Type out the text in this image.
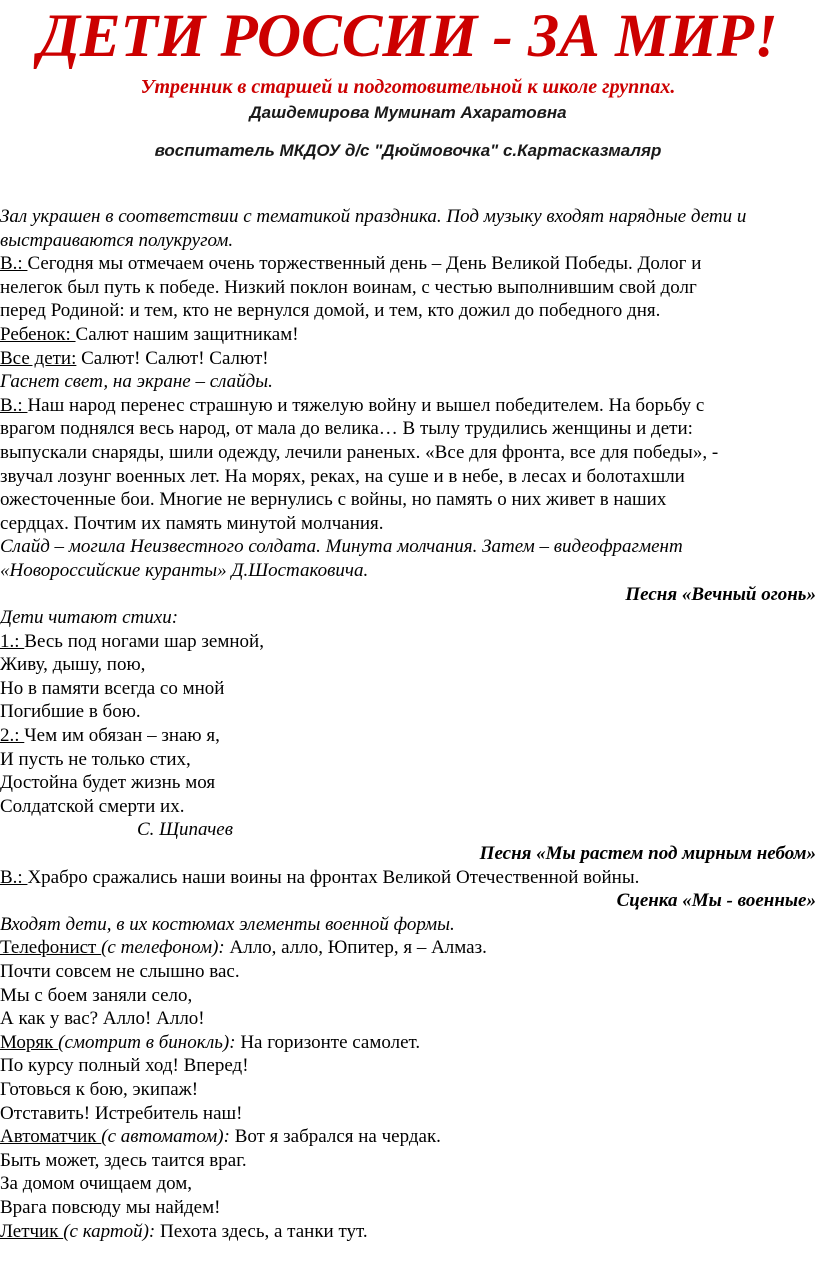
ДЕТИ РОССИИ - ЗА МИР!
Утренник в старшей и подготовительной к школе группах.
Дашдемирова Муминат Ахаратовна
воспитатель МКДОУ д/с "Дюймовочка" с.Картасказмаляр

Зал украшен в соответствии с тематикой праздника. Под музыку входят нарядные дети и выстраиваются полукругом.

В.: Сегодня мы отмечаем очень торжественный день – День Великой Победы. Долог и

нелегок был путь к победе. Низкий поклон воинам, с честью выполнившим свой долг

перед Родиной: и тем, кто не вернулся домой, и тем, кто дожил до победного дня.

Ребенок: Салют нашим защитникам!

Все дети: Салют! Салют! Салют!

Гаснет свет, на экране – слайды.

В.: Наш народ перенес страшную и тяжелую войну и вышел победителем. На борьбу с

врагом поднялся весь народ, от мала до велика… В тылу трудились женщины и дети:

выпускали снаряды, шили одежду, лечили раненых. «Все для фронта, все для победы», -

звучал лозунг военных лет. На морях, реках, на суше и в небе, в лесах и болотахшли

ожесточенные бои. Многие не вернулись с войны, но память о них живет в наших

сердцах. Почтим их память минутой молчания.

Слайд – могила Неизвестного солдата. Минута молчания. Затем – видеофрагмент

«Новороссийские куранты» Д.Шостаковича.

Песня «Вечный огонь»

Дети читают стихи:

1.: Весь под ногами шар земной,

Живу, дышу, пою,

Но в памяти всегда со мной

Погибшие в бою.

2.: Чем им обязан – знаю я,

И пусть не только стих,

Достойна будет жизнь моя

Солдатской смерти их.

С. Щипачев

Песня «Мы растем под мирным небом»

В.: Храбро сражались наши воины на фронтах Великой Отечественной войны.

Сценка «Мы - военные»

Входят дети, в их костюмах элементы военной формы.

Телефонист (с телефоном): Алло, алло, Юпитер, я – Алмаз.

Почти совсем не слышно вас.

Мы с боем заняли село,

А как у вас? Алло! Алло!

Моряк (смотрит в бинокль): На горизонте самолет.

По курсу полный ход! Вперед!

Готовься к бою, экипаж!

Отставить! Истребитель наш!

Автоматчик (с автоматом): Вот я забрался на чердак.

Быть может, здесь таится враг.

За домом очищаем дом,

Врага повсюду мы найдем!

Летчик (с картой): Пехота здесь, а танки тут.
